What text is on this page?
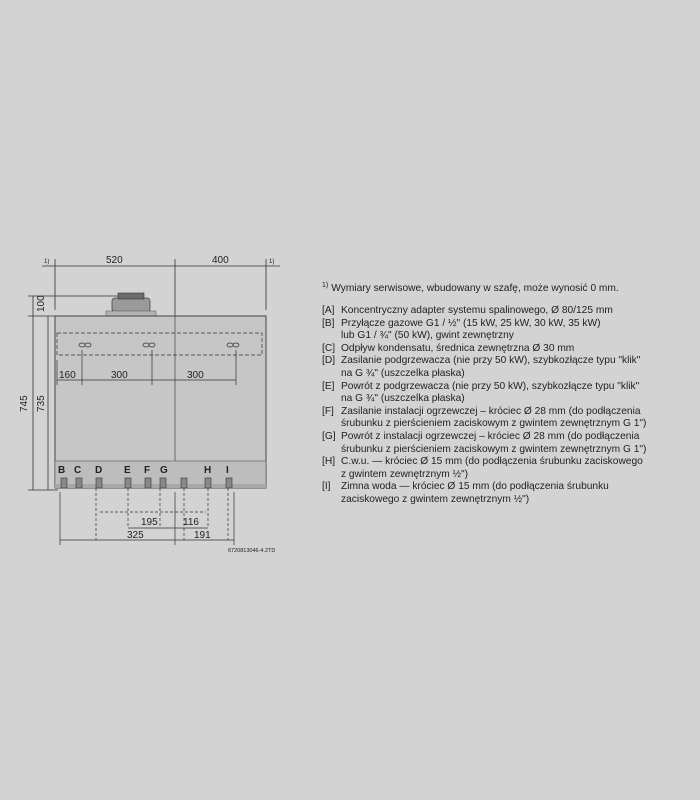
1)	1)
520	400
100
745 735
160	300	300
195	116
325	191
B C D E F G	H I
6720813046-4.2TD
$^{1)}$ Wymiary serwisowe, wbudowany w szafę, może wynosić 0 mm.
[A] Koncentryczny adapter systemu spalinowego, Ø 80/125 mm
[B] Przyłącze gazowe G1 / ½" (15 kW, 25 kW, 30 kW, 35 kW)
lub G1 / ¾" (50 kW), gwint zewnętrzny
[C] Odpływ kondensatu, średnica zewnętrzna Ø 30 mm
[D] Zasilanie podgrzewacza (nie przy 50 kW), szybkozłącze typu "klik"
na G ¾" (uszczelka płaska)
[E] Powrót z podgrzewacza (nie przy 50 kW), szybkozłącze typu "klik"
na G ¾" (uszczelka płaska)
[F] Zasilanie instalacji ogrzewczej – króciec Ø 28 mm (do podłączenia
śrubunku z pierścieniem zaciskowym z gwintem zewnętrznym G 1")
[G] Powrót z instalacji ogrzewczej – króciec Ø 28 mm (do podłączenia
śrubunku z pierścieniem zaciskowym z gwintem zewnętrznym G 1")
[H] C.w.u. — króciec Ø 15 mm (do podłączenia śrubunku zaciskowego
z gwintem zewnętrznym ½")
[I]	Zimna woda — króciec Ø 15 mm (do podłączenia śrubunku
zaciskowego z gwintem zewnętrznym ½")
